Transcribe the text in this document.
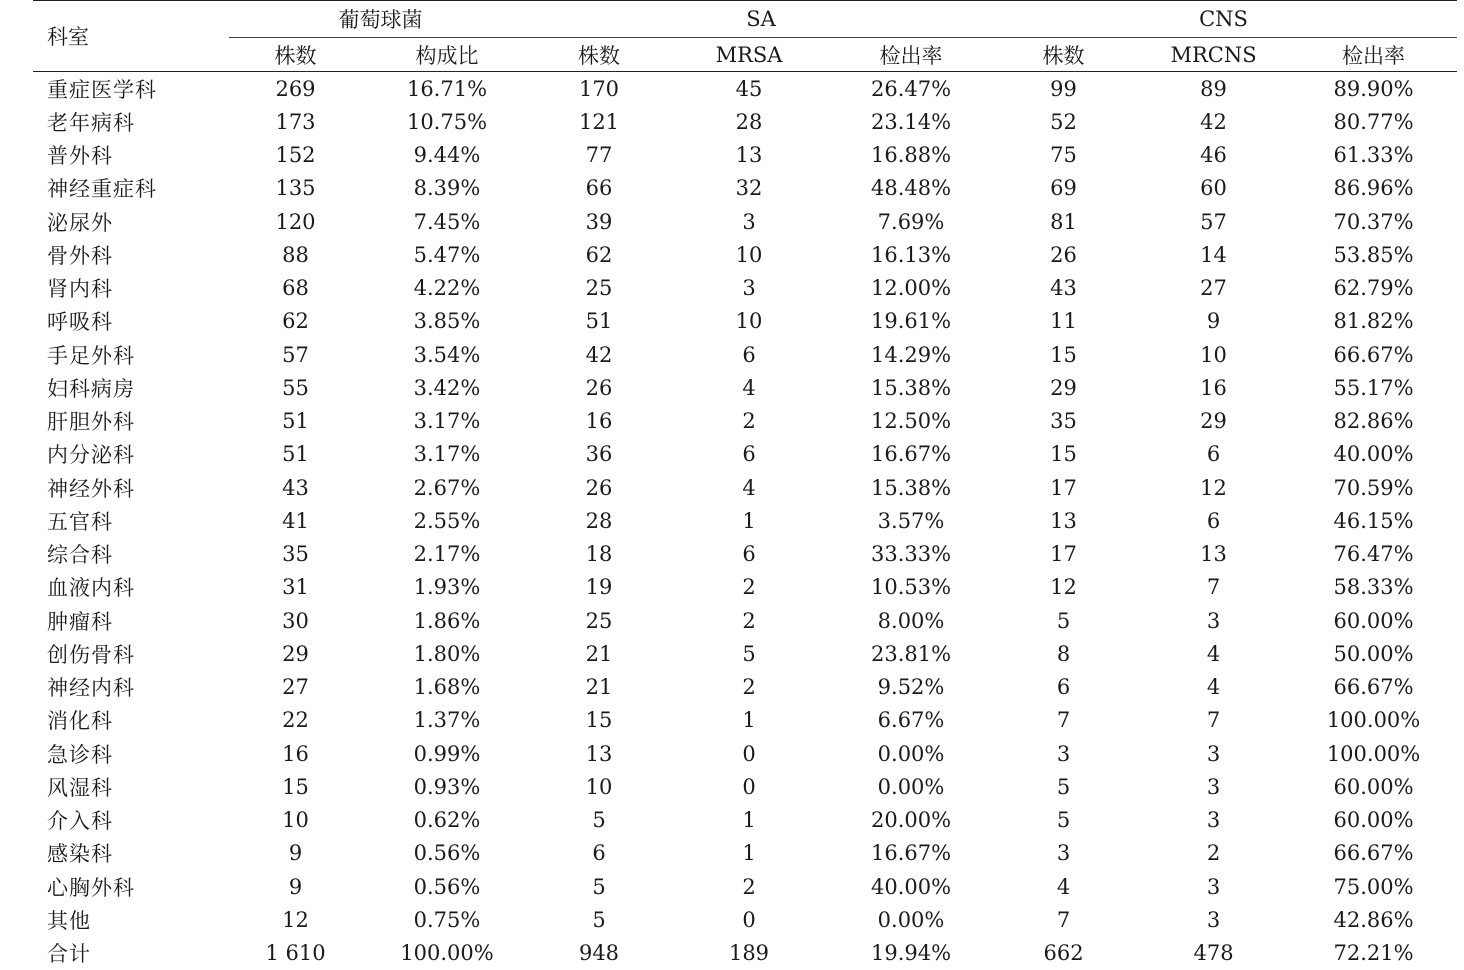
科室	葡萄球菌		SA			CNS		
	株数	构成比	株数	MRSA	检出率	株数	MRCNS	检出率
重症医学科	269	16.71%	170	45	26.47%	99	89	89.90%
老年病科	173	10.75%	121	28	23.14%	52	42	80.77%
普外科	152	9.44%	77	13	16.88%	75	46	61.33%
神经重症科	135	8.39%	66	32	48.48%	69	60	86.96%
泌尿外	120	7.45%	39	3	7.69%	81	57	70.37%
骨外科	88	5.47%	62	10	16.13%	26	14	53.85%
肾内科	68	4.22%	25	3	12.00%	43	27	62.79%
呼吸科	62	3.85%	51	10	19.61%	11	9	81.82%
手足外科	57	3.54%	42	6	14.29%	15	10	66.67%
妇科病房	55	3.42%	26	4	15.38%	29	16	55.17%
肝胆外科	51	3.17%	16	2	12.50%	35	29	82.86%
内分泌科	51	3.17%	36	6	16.67%	15	6	40.00%
神经外科	43	2.67%	26	4	15.38%	17	12	70.59%
五官科	41	2.55%	28	1	3.57%	13	6	46.15%
综合科	35	2.17%	18	6	33.33%	17	13	76.47%
血液内科	31	1.93%	19	2	10.53%	12	7	58.33%
肿瘤科	30	1.86%	25	2	8.00%	5	3	60.00%
创伤骨科	29	1.80%	21	5	23.81%	8	4	50.00%
神经内科	27	1.68%	21	2	9.52%	6	4	66.67%
消化科	22	1.37%	15	1	6.67%	7	7	100.00%
急诊科	16	0.99%	13	0	0.00%	3	3	100.00%
风湿科	15	0.93%	10	0	0.00%	5	3	60.00%
介入科	10	0.62%	5	1	20.00%	5	3	60.00%
感染科	9	0.56%	6	1	16.67%	3	2	66.67%
心胸外科	9	0.56%	5	2	40.00%	4	3	75.00%
其他	12	0.75%	5	0	0.00%	7	3	42.86%
合计	1 610	100.00%	948	189	19.94%	662	478	72.21%
